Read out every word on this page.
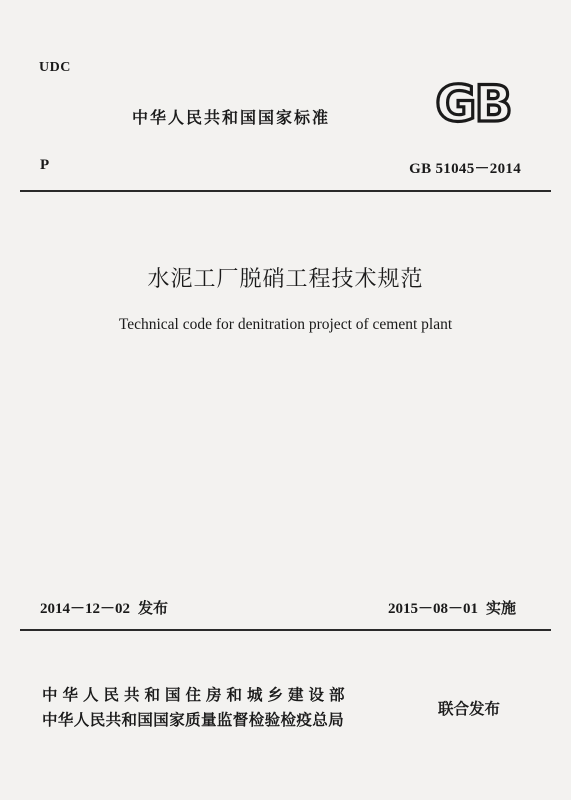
UDC
中华人民共和国国家标准 GB
P	GB 51045－2014
水泥工厂脱硝工程技术规范
Technical code for denitration project of cement plant
2014－12－02 发布	2015－08－01 实施
中华人民共和国住房和城乡建设部
中华人民共和国国家质量监督检验检疫总局
联合发布
